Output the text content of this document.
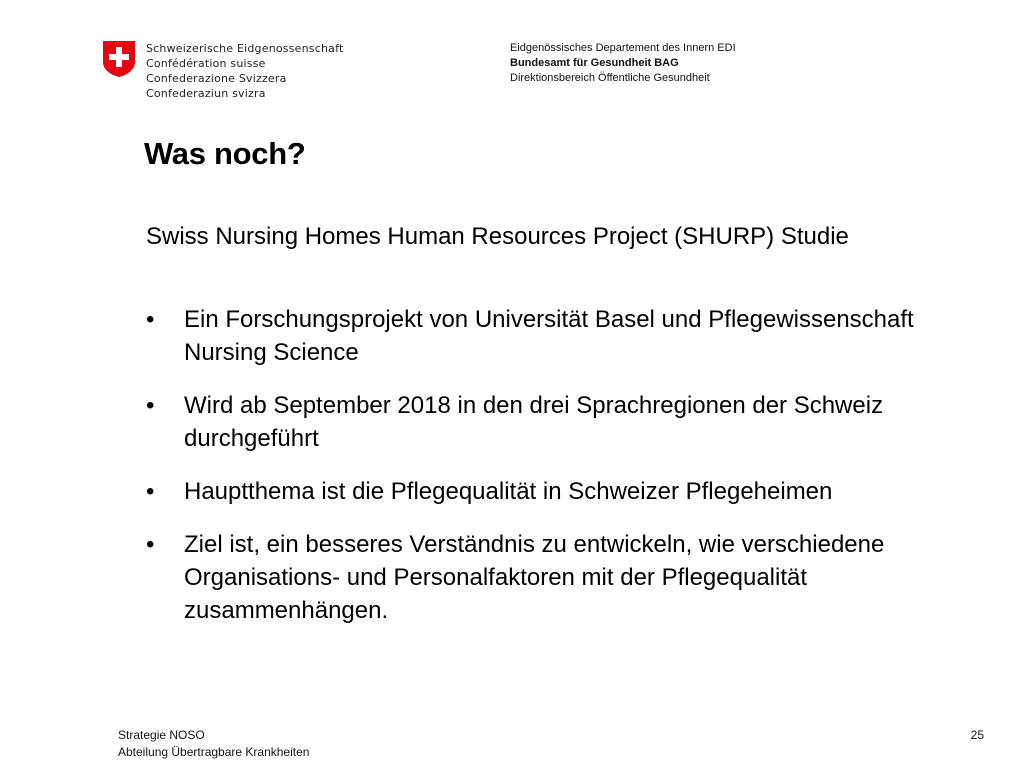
Schweizerische Eidgenossenschaft
Confédération suisse
Confederazione Svizzera
Confederaziun svizra
Eidgenössisches Departement des Innern EDI
Bundesamt für Gesundheit BAG
Direktionsbereich Öffentliche Gesundheit
Was noch?
Swiss Nursing Homes Human Resources Project (SHURP) Studie
• Ein Forschungsprojekt von Universität Basel und Pflegewissenschaft Nursing Science
• Wird ab September 2018 in den drei Sprachregionen der Schweiz durchgeführt
• Hauptthema ist die Pflegequalität in Schweizer Pflegeheimen
• Ziel ist, ein besseres Verständnis zu entwickeln, wie verschiedene Organisations- und Personalfaktoren mit der Pflegequalität zusammenhängen.
Strategie NOSO
Abteilung Übertragbare Krankheiten
25
